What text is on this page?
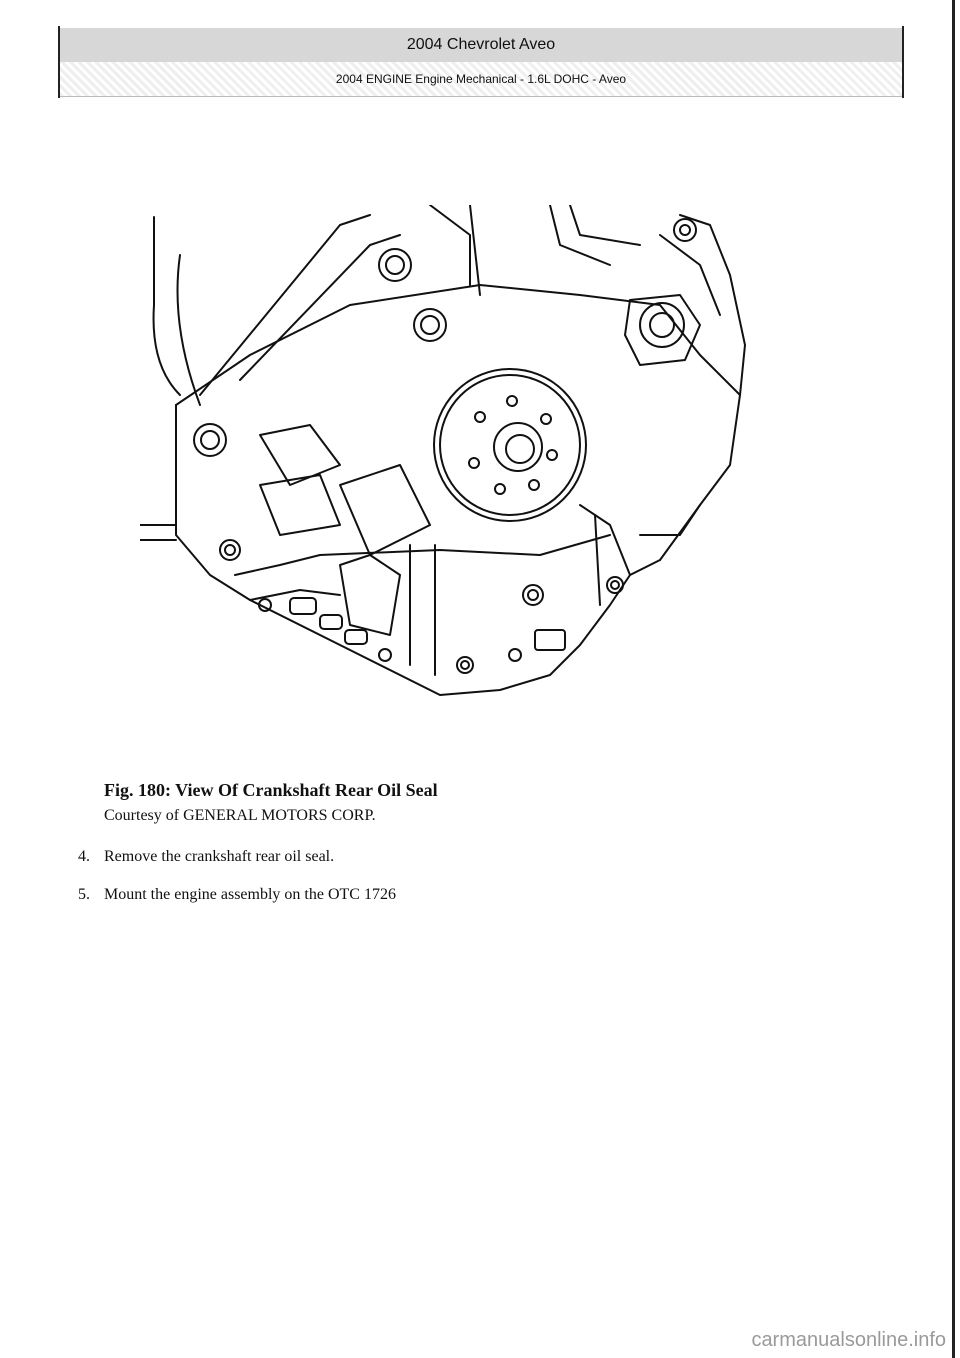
2004 Chevrolet Aveo
2004 ENGINE Engine Mechanical - 1.6L DOHC - Aveo
Fig. 180: View Of Crankshaft Rear Oil Seal
Courtesy of GENERAL MOTORS CORP.
4. Remove the crankshaft rear oil seal.
5. Mount the engine assembly on the OTC 1726
carmanualsonline.info
